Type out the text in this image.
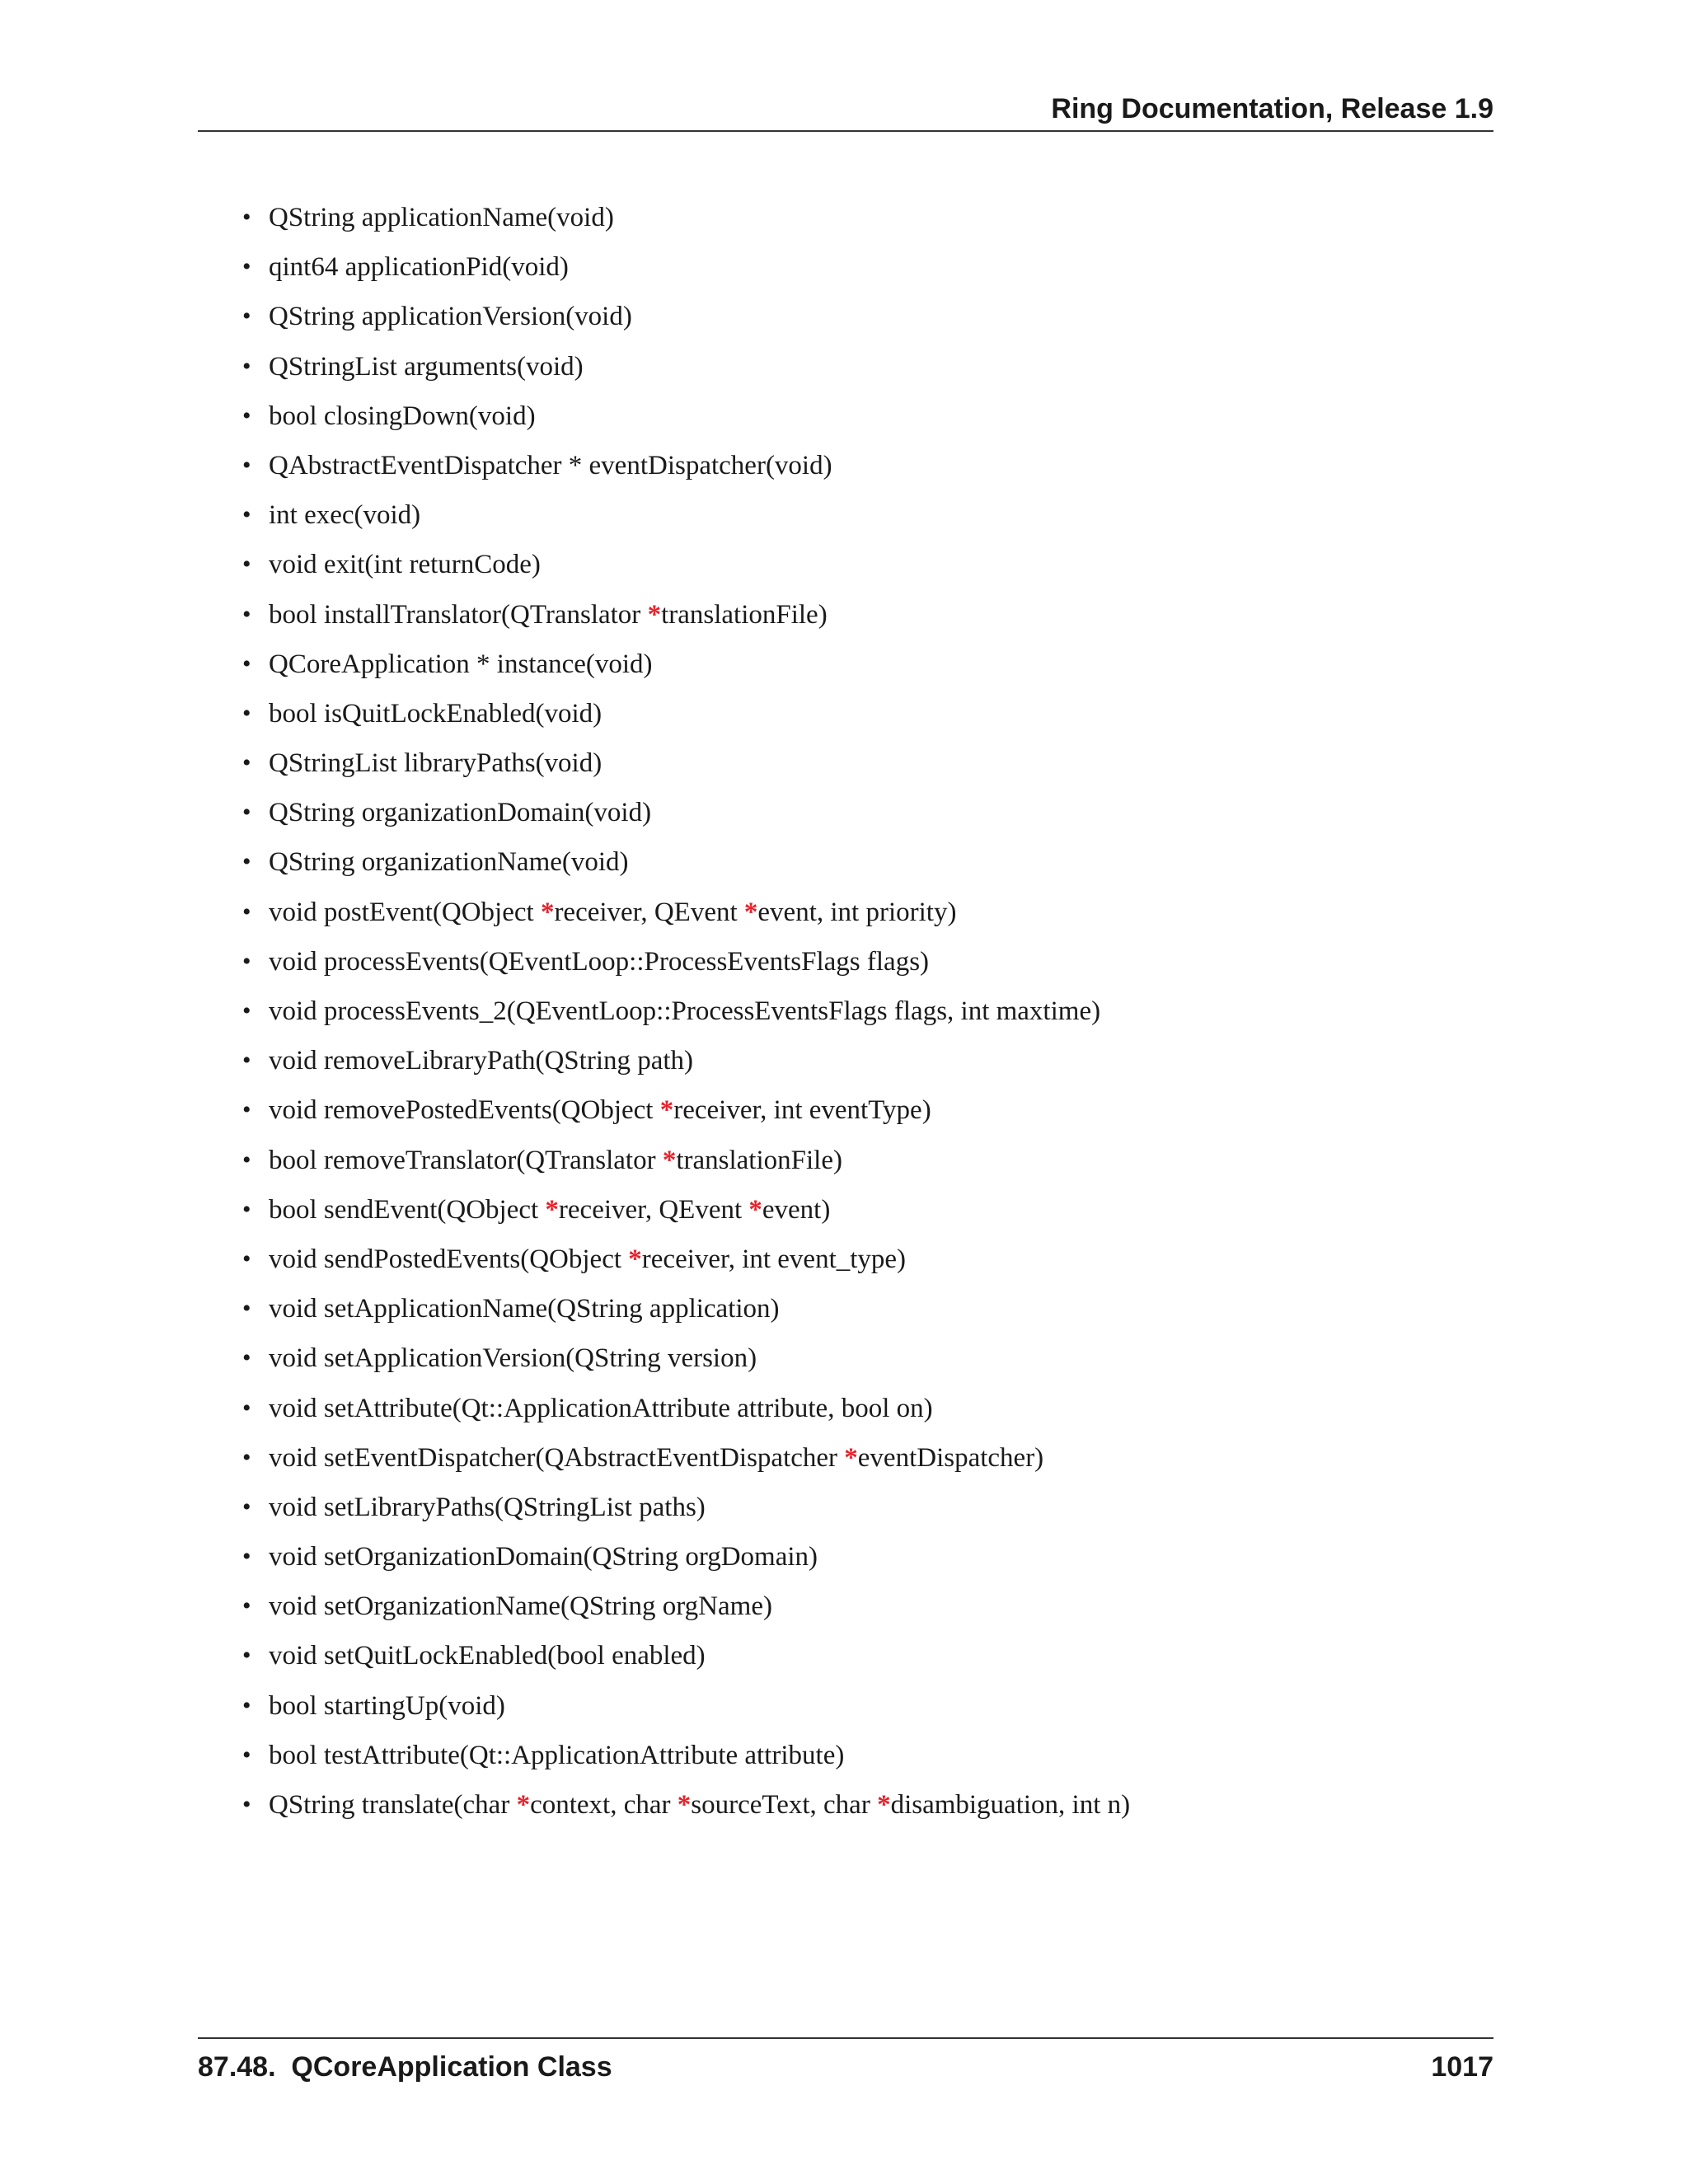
Ring Documentation, Release 1.9
• QString applicationName(void)
• qint64 applicationPid(void)
• QString applicationVersion(void)
• QStringList arguments(void)
• bool closingDown(void)
• QAbstractEventDispatcher * eventDispatcher(void)
• int exec(void)
• void exit(int returnCode)
• bool installTranslator(QTranslator *translationFile)
• QCoreApplication * instance(void)
• bool isQuitLockEnabled(void)
• QStringList libraryPaths(void)
• QString organizationDomain(void)
• QString organizationName(void)
• void postEvent(QObject *receiver, QEvent *event, int priority)
• void processEvents(QEventLoop::ProcessEventsFlags flags)
• void processEvents_2(QEventLoop::ProcessEventsFlags flags, int maxtime)
• void removeLibraryPath(QString path)
• void removePostedEvents(QObject *receiver, int eventType)
• bool removeTranslator(QTranslator *translationFile)
• bool sendEvent(QObject *receiver, QEvent *event)
• void sendPostedEvents(QObject *receiver, int event_type)
• void setApplicationName(QString application)
• void setApplicationVersion(QString version)
• void setAttribute(Qt::ApplicationAttribute attribute, bool on)
• void setEventDispatcher(QAbstractEventDispatcher *eventDispatcher)
• void setLibraryPaths(QStringList paths)
• void setOrganizationDomain(QString orgDomain)
• void setOrganizationName(QString orgName)
• void setQuitLockEnabled(bool enabled)
• bool startingUp(void)
• bool testAttribute(Qt::ApplicationAttribute attribute)
• QString translate(char *context, char *sourceText, char *disambiguation, int n)
87.48.  QCoreApplication Class	1017
